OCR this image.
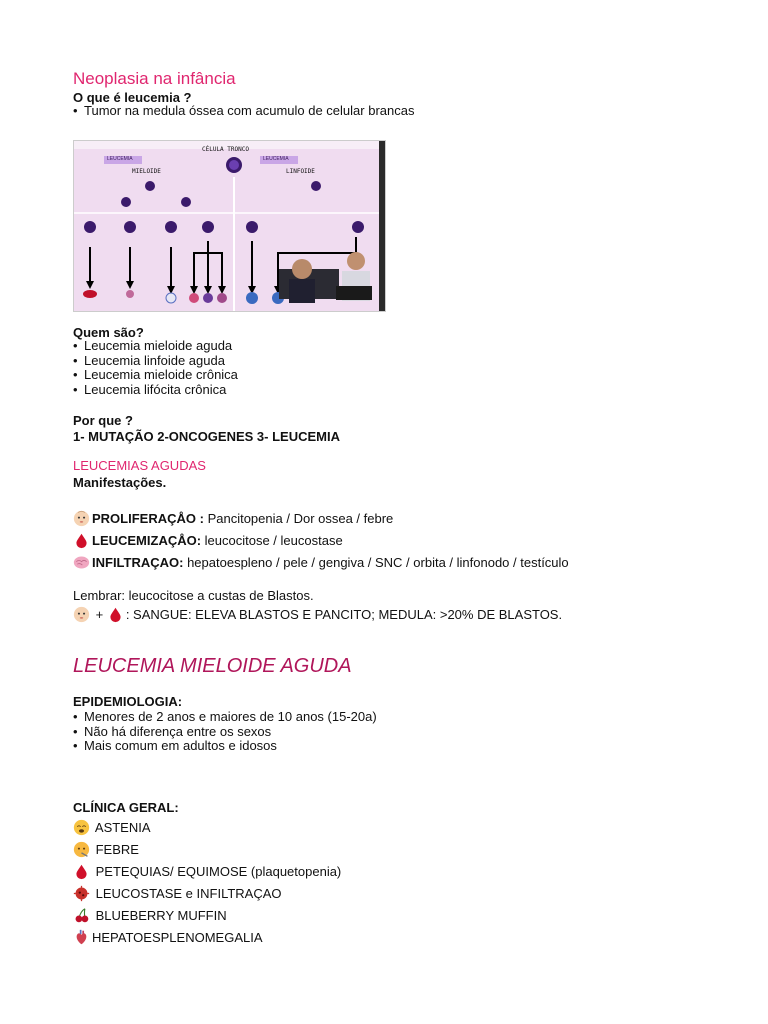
Neoplasia na infância
O que é leucemia ?
• Tumor na medula óssea com acumulo de celular brancas
CÉLULA TRONCO
LEUCEMIA
MIELOIDE
LEUCEMIA
LINFOIDE
Quem são?
• Leucemia mieloide aguda
• Leucemia linfoide aguda
• Leucemia mieloide crônica
• Leucemia lifócita crônica
Por que ?
1- MUTAÇÃO 2-ONCOGENES 3- LEUCEMIA
LEUCEMIAS AGUDAS
Manifestações.
PROLIFERAÇÅO : Pancitopenia / Dor ossea / febre
LEUCEMIZAÇÅO: leucocitose / leucostase
INFILTRAÇAO: hepatoespleno / pele / gengiva / SNC / orbita / linfonodo / testículo
Lembrar: leucocitose a custas de Blastos.
+ : SANGUE: ELEVA BLASTOS E PANCITO; MEDULA: >20% DE BLASTOS.
LEUCEMIA MIELOIDE AGUDA
EPIDEMIOLOGIA:
• Menores de 2 anos e maiores de 10 anos (15-20a)
• Não há diferença entre os sexos
• Mais comum em adultos e idosos
CLÍNICA GERAL:
ASTENIA
FEBRE
PETEQUIAS/ EQUIMOSE (plaquetopenia)
LEUCOSTASE e INFILTRAÇAO
BLUEBERRY MUFFIN
HEPATOESPLENOMEGALIA
